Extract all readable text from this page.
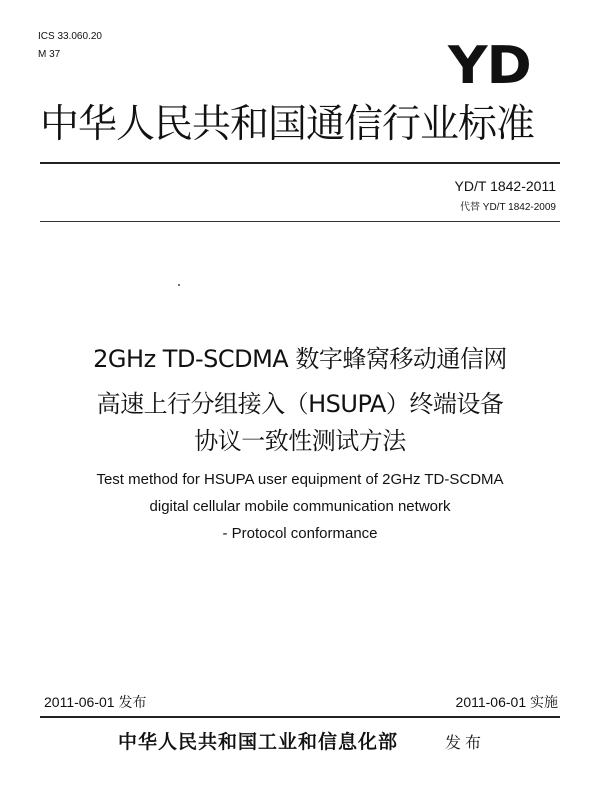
ICS 33.060.20
M 37	YD
中华人民共和国通信行业标准
YD/T 1842-2011
代替 YD/T 1842-2009
2GHz TD-SCDMA 数字蜂窝移动通信网
高速上行分组接入（HSUPA）终端设备
协议一致性测试方法
Test method for HSUPA user equipment of 2GHz TD-SCDMA
digital cellular mobile communication network
- Protocol conformance
2011-06-01 发布	2011-06-01 实施
中华人民共和国工业和信息化部	发布
